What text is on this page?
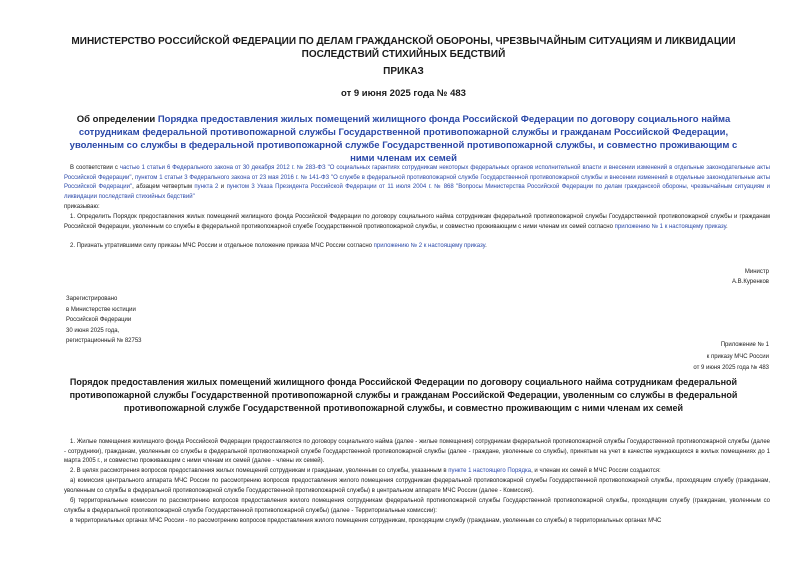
МИНИСТЕРСТВО РОССИЙСКОЙ ФЕДЕРАЦИИ ПО ДЕЛАМ ГРАЖДАНСКОЙ ОБОРОНЫ, ЧРЕЗВЫЧАЙНЫМ СИТУАЦИЯМ И ЛИКВИДАЦИИ ПОСЛЕДСТВИЙ СТИХИЙНЫХ БЕДСТВИЙ
ПРИКАЗ
от 9 июня 2025 года № 483
Об определении Порядка предоставления жилых помещений жилищного фонда Российской Федерации по договору социального найма сотрудникам федеральной противопожарной службы Государственной противопожарной службы и гражданам Российской Федерации, уволенным со службы в федеральной противопожарной службе Государственной противопожарной службы, и совместно проживающим с ними членам их семей
В соответствии с частью 1 статьи 6 Федерального закона от 30 декабря 2012 г. № 283-ФЗ "О социальных гарантиях сотрудникам некоторых федеральных органов исполнительной власти и внесении изменений в отдельные законодательные акты Российской Федерации", пунктом 1 статьи 3 Федерального закона от 23 мая 2016 г. № 141-ФЗ "О службе в федеральной противопожарной службе Государственной противопожарной службы и внесении изменений в отдельные законодательные акты Российской Федерации", абзацем четвертым пункта 2 и пунктом 3 Указа Президента Российской Федерации от 11 июля 2004 г. № 868 "Вопросы Министерства Российской Федерации по делам гражданской обороны, чрезвычайным ситуациям и ликвидации последствий стихийных бедствий"
приказываю:
1. Определить Порядок предоставления жилых помещений жилищного фонда Российской Федерации по договору социального найма сотрудникам федеральной противопожарной службы Государственной противопожарной службы и гражданам Российской Федерации, уволенным со службы в федеральной противопожарной службе Государственной противопожарной службы, и совместно проживающим с ними членам их семей согласно приложению № 1 к настоящему приказу.
2. Признать утратившими силу приказы МЧС России и отдельное положение приказа МЧС России согласно приложению № 2 к настоящему приказу.
Министр
А.В.Куренков
Зарегистрировано
в Министерстве юстиции
Российской Федерации
30 июня 2025 года,
регистрационный № 82753
Приложение № 1
к приказу МЧС России
от 9 июня 2025 года № 483
Порядок предоставления жилых помещений жилищного фонда Российской Федерации по договору социального найма сотрудникам федеральной противопожарной службы Государственной противопожарной службы и гражданам Российской Федерации, уволенным со службы в федеральной противопожарной службе Государственной противопожарной службы, и совместно проживающим с ними членам их семей
1. Жилые помещения жилищного фонда Российской Федерации предоставляются по договору социального найма (далее - жилые помещения) сотрудникам федеральной противопожарной службы Государственной противопожарной службы (далее - сотрудники), гражданам, уволенным со службы в федеральной противопожарной службе Государственной противопожарной службы (далее - граждане, уволенные со службы), принятым на учет в качестве нуждающихся в жилых помещениях до 1 марта 2005 г., и совместно проживающим с ними членам их семей (далее - члены их семей).
2. В целях рассмотрения вопросов предоставления жилых помещений сотрудникам и гражданам, уволенным со службы, указанным в пункте 1 настоящего Порядка, и членам их семей в МЧС России создаются:
а) комиссия центрального аппарата МЧС России по рассмотрению вопросов предоставления жилого помещения сотрудникам федеральной противопожарной службы Государственной противопожарной службы, проходящим службу (гражданам, уволенным со службы в федеральной противопожарной службе Государственной противопожарной службы) в центральном аппарате МЧС России (далее - Комиссия).
б) территориальные комиссии по рассмотрению вопросов предоставления жилого помещения сотрудникам федеральной противопожарной службы Государственной противопожарной службы, проходящим службу (гражданам, уволенным со службы в федеральной противопожарной службе Государственной противопожарной службы) (далее - Территориальные комиссии):
в территориальных органах МЧС России - по рассмотрению вопросов предоставления жилого помещения сотрудникам, проходящим службу (гражданам, уволенным со службы) в территориальных органах МЧС
